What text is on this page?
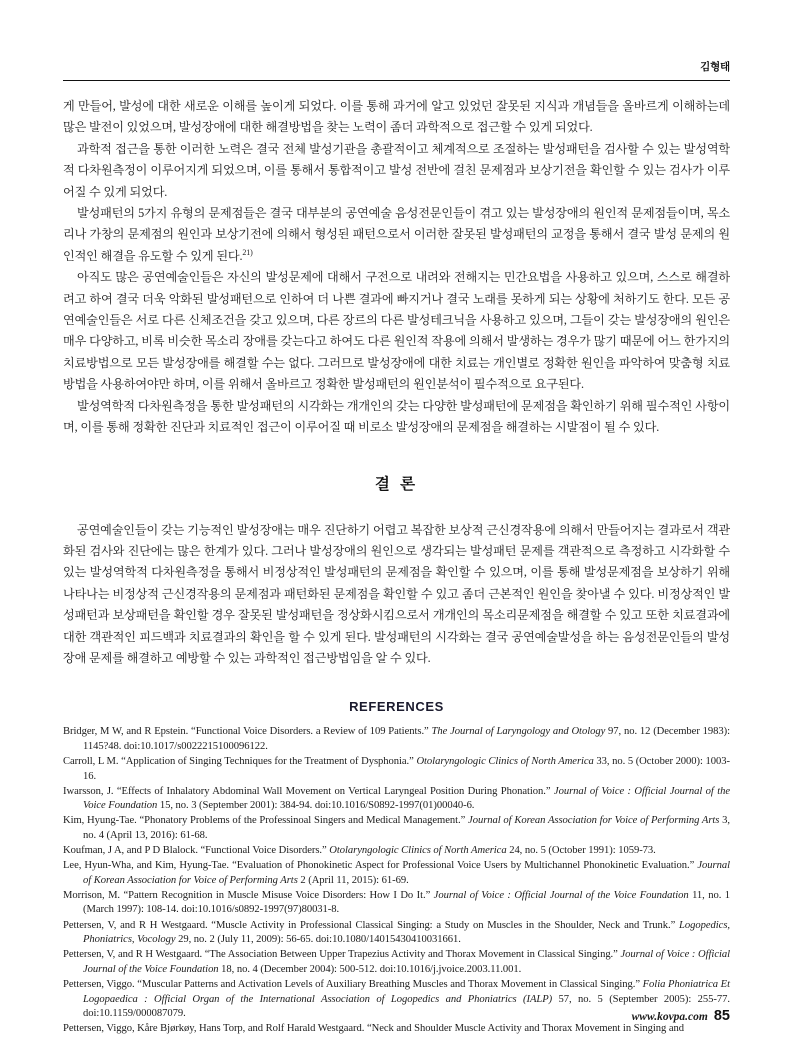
김형태

게 만들어, 발성에 대한 새로운 이해를 높이게 되었다. 이를 통해 과거에 알고 있었던 잘못된 지식과 개념들을 올바르게 이해하는데 많은 발전이 있었으며, 발성장애에 대한 해결방법을 찾는 노력이 좀더 과학적으로 접근할 수 있게 되었다.

과학적 접근을 통한 이러한 노력은 결국 전체 발성기관을 총괄적이고 체계적으로 조절하는 발성패턴을 검사할 수 있는 발성역학적 다차원측정이 이루어지게 되었으며, 이를 통해서 통합적이고 발성 전반에 걸친 문제점과 보상기전을 확인할 수 있는 검사가 이루어질 수 있게 되었다.

발성패턴의 5가지 유형의 문제점들은 결국 대부분의 공연예술 음성전문인들이 겪고 있는 발성장애의 원인적 문제점들이며, 목소리나 가창의 문제점의 원인과 보상기전에 의해서 형성된 패턴으로서 이러한 잘못된 발성패턴의 교정을 통해서 결국 발성 문제의 원인적인 해결을 유도할 수 있게 된다.$^{21)}$

아직도 많은 공연예술인들은 자신의 발성문제에 대해서 구전으로 내려와 전해지는 민간요법을 사용하고 있으며, 스스로 해결하려고 하여 결국 더욱 악화된 발성패턴으로 인하여 더 나쁜 결과에 빠지거나 결국 노래를 못하게 되는 상황에 처하기도 한다. 모든 공연예술인들은 서로 다른 신체조건을 갖고 있으며, 다른 장르의 다른 발성테크닉을 사용하고 있으며, 그들이 갖는 발성장애의 원인은 매우 다양하고, 비록 비슷한 목소리 장애를 갖는다고 하여도 다른 원인적 작용에 의해서 발생하는 경우가 많기 때문에 어느 한가지의 치료방법으로 모든 발성장애를 해결할 수는 없다. 그러므로 발성장애에 대한 치료는 개인별로 정확한 원인을 파악하여 맞춤형 치료방법을 사용하여야만 하며, 이를 위해서 올바르고 정확한 발성패턴의 원인분석이 필수적으로 요구된다.

발성역학적 다차원측정을 통한 발성패턴의 시각화는 개개인의 갖는 다양한 발성패턴에 문제점을 확인하기 위해 필수적인 사항이며, 이를 통해 정확한 진단과 치료적인 접근이 이루어질 때 비로소 발성장애의 문제점을 해결하는 시발점이 될 수 있다.

결 론

공연예술인들이 갖는 기능적인 발성장애는 매우 진단하기 어렵고 복잡한 보상적 근신경작용에 의해서 만들어지는 결과로서 객관화된 검사와 진단에는 많은 한계가 있다. 그러나 발성장애의 원인으로 생각되는 발성패턴 문제를 객관적으로 측정하고 시각화할 수 있는 발성역학적 다차원측정을 통해서 비정상적인 발성패턴의 문제점을 확인할 수 있으며, 이를 통해 발성문제점을 보상하기 위해 나타나는 비정상적 근신경작용의 문제점과 패턴화된 문제점을 확인할 수 있고 좀더 근본적인 원인을 찾아낼 수 있다. 비정상적인 발성패턴과 보상패턴을 확인할 경우 잘못된 발성패턴을 정상화시킴으로서 개개인의 목소리문제점을 해결할 수 있고 또한 치료결과에 대한 객관적인 피드백과 치료결과의 확인을 할 수 있게 된다. 발성패턴의 시각화는 결국 공연예술발성을 하는 음성전문인들의 발성장애 문제를 해결하고 예방할 수 있는 과학적인 접근방법임을 알 수 있다.

REFERENCES
Bridger, M W, and R Epstein. “Functional Voice Disorders. a Review of 109 Patients.” The Journal of Laryngology and Otology 97, no. 12 (December 1983): 1145?48. doi:10.1017/s0022215100096122.
Carroll, L M. “Application of Singing Techniques for the Treatment of Dysphonia.” Otolaryngologic Clinics of North America 33, no. 5 (October 2000): 1003-16.
Iwarsson, J. “Effects of Inhalatory Abdominal Wall Movement on Vertical Laryngeal Position During Phonation.” Journal of Voice : Official Journal of the Voice Foundation 15, no. 3 (September 2001): 384-94. doi:10.1016/S0892-1997(01)00040-6.
Kim, Hyung-Tae. “Phonatory Problems of the Professinoal Singers and Medical Management.” Journal of Korean Association for Voice of Performing Arts 3, no. 4 (April 13, 2016): 61-68.
Koufman, J A, and P D Blalock. “Functional Voice Disorders.” Otolaryngologic Clinics of North America 24, no. 5 (October 1991): 1059-73.
Lee, Hyun-Wha, and Kim, Hyung-Tae. “Evaluation of Phonokinetic Aspect for Professional Voice Users by Multichannel Phonokinetic Evaluation.” Journal of Korean Association for Voice of Performing Arts 2 (April 11, 2015): 61-69.
Morrison, M. “Pattern Recognition in Muscle Misuse Voice Disorders: How I Do It.” Journal of Voice : Official Journal of the Voice Foundation 11, no. 1 (March 1997): 108-14. doi:10.1016/s0892-1997(97)80031-8.
Pettersen, V, and R H Westgaard. “Muscle Activity in Professional Classical Singing: a Study on Muscles in the Shoulder, Neck and Trunk.” Logopedics, Phoniatrics, Vocology 29, no. 2 (July 11, 2009): 56-65. doi:10.1080/14015430410031661.
Pettersen, V, and R H Westgaard. “The Association Between Upper Trapezius Activity and Thorax Movement in Classical Singing.” Journal of Voice : Official Journal of the Voice Foundation 18, no. 4 (December 2004): 500-512. doi:10.1016/j.jvoice.2003.11.001.
Pettersen, Viggo. “Muscular Patterns and Activation Levels of Auxiliary Breathing Muscles and Thorax Movement in Classical Singing.” Folia Phoniatrica Et Logopaedica : Official Organ of the International Association of Logopedics and Phoniatrics (IALP) 57, no. 5 (September 2005): 255-77. doi:10.1159/000087079.
Pettersen, Viggo, Kåre Bjørkøy, Hans Torp, and Rolf Harald Westgaard. “Neck and Shoulder Muscle Activity and Thorax Movement in Singing and
www.kovpa.com 85
